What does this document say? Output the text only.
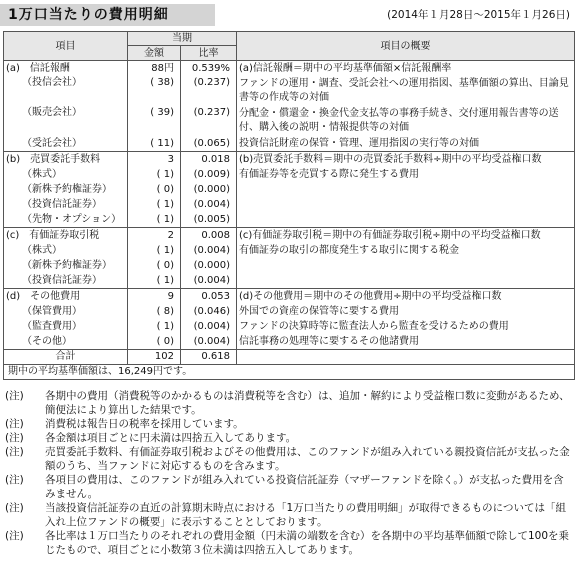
1万口当たりの費用明細	(2014年１月28日～2015年１月26日)
項目	当期		項目の概要
	金額	比率	
(a)　信託報酬	88円	0.539%	(a)信託報酬＝期中の平均基準価額×信託報酬率
（投信会社）	( 38)	(0.237)	ファンドの運用・調査、受託会社への運用指図、基準価額の算出、目論見書等の作成等の対価
（販売会社）	( 39)	(0.237)	分配金・償還金・換金代金支払等の事務手続き、交付運用報告書等の送付、購入後の説明・情報提供等の対価
（受託会社）	( 11)	(0.065)	投資信託財産の保管・管理、運用指図の実行等の対価
(b)　売買委託手数料	3	0.018	(b)売買委託手数料＝期中の売買委託手数料÷期中の平均受益権口数
（株式）	( 1)	(0.009)	有価証券等を売買する際に発生する費用
（新株予約権証券）	( 0)	(0.000)	
（投資信託証券）	( 1)	(0.004)	
（先物・オプション）	( 1)	(0.005)	
(c)　有価証券取引税	2	0.008	(c)有価証券取引税＝期中の有価証券取引税÷期中の平均受益権口数
（株式）	( 1)	(0.004)	有価証券の取引の都度発生する取引に関する税金
（新株予約権証券）	( 0)	(0.000)	
（投資信託証券）	( 1)	(0.004)	
(d)　その他費用	9	0.053	(d)その他費用＝期中のその他費用÷期中の平均受益権口数
（保管費用）	( 8)	(0.046)	外国での資産の保管等に要する費用
（監査費用）	( 1)	(0.004)	ファンドの決算時等に監査法人から監査を受けるための費用
（その他）	( 0)	(0.004)	信託事務の処理等に要するその他諸費用
合計	102	0.618	
期中の平均基準価額は、16,249円です。			
(注)	各期中の費用（消費税等のかかるものは消費税等を含む）は、追加・解約により受益権口数に変動があるため、簡便法により算出した結果です。
(注)	消費税は報告日の税率を採用しています。
(注)	各金額は項目ごとに円未満は四捨五入してあります。
(注)	売買委託手数料、有価証券取引税およびその他費用は、このファンドが組み入れている親投資信託が支払った金額のうち、当ファンドに対応するものを含みます。
(注)	各項目の費用は、このファンドが組み入れている投資信託証券（マザーファンドを除く。）が支払った費用を含みません。
(注)	当該投資信託証券の直近の計算期末時点における「1万口当たりの費用明細」が取得できるものについては「組入れ上位ファンドの概要」に表示することとしております。
(注)	各比率は１万口当たりのそれぞれの費用金額（円未満の端数を含む）を各期中の平均基準価額で除して100を乗じたもので、項目ごとに小数第３位未満は四捨五入してあります。
